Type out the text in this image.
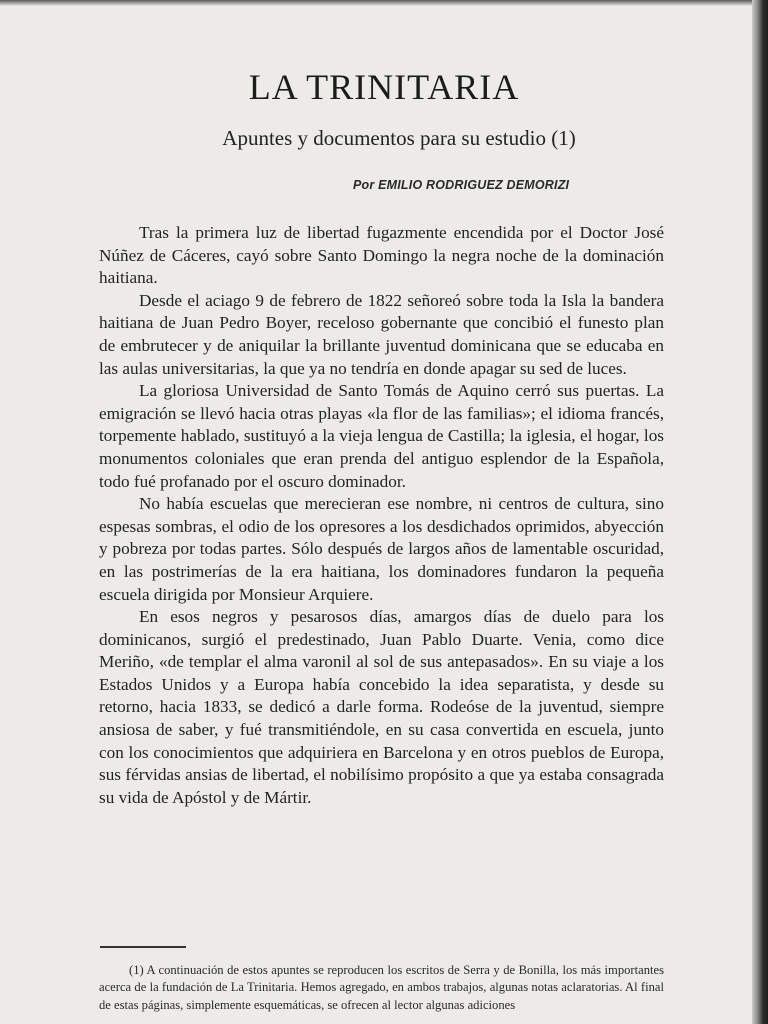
LA TRINITARIA
Apuntes y documentos para su estudio (1)
Por EMILIO RODRIGUEZ DEMORIZI

Tras la primera luz de libertad fugazmente encendida por el Doctor José Núñez de Cáceres, cayó sobre Santo Domingo la negra noche de la dominación haitiana.

Desde el aciago 9 de febrero de 1822 señoreó sobre toda la Isla la bandera haitiana de Juan Pedro Boyer, receloso gobernante que concibió el funesto plan de embrutecer y de aniquilar la brillante juventud dominicana que se educaba en las aulas universitarias, la que ya no tendría en donde apagar su sed de luces.

La gloriosa Universidad de Santo Tomás de Aquino cerró sus puertas. La emigración se llevó hacia otras playas «la flor de las familias»; el idioma francés, torpemente hablado, sustituyó a la vieja lengua de Castilla; la iglesia, el hogar, los monumentos coloniales que eran prenda del antiguo esplendor de la Española, todo fué profanado por el oscuro dominador.

No había escuelas que merecieran ese nombre, ni centros de cultura, sino espesas sombras, el odio de los opresores a los desdichados oprimidos, abyección y pobreza por todas partes. Sólo después de largos años de lamentable oscuridad, en las postrimerías de la era haitiana, los dominadores fundaron la pequeña escuela dirigida por Monsieur Arquiere.

En esos negros y pesarosos días, amargos días de duelo para los dominicanos, surgió el predestinado, Juan Pablo Duarte. Venia, como dice Meriño, «de templar el alma varonil al sol de sus antepasados». En su viaje a los Estados Unidos y a Europa había concebido la idea separatista, y desde su retorno, hacia 1833, se dedicó a darle forma. Rodeóse de la juventud, siempre ansiosa de saber, y fué transmitiéndole, en su casa convertida en escuela, junto con los conocimientos que adquiriera en Barcelona y en otros pueblos de Europa, sus férvidas ansias de libertad, el nobilísimo propósito a que ya estaba consagrada su vida de Apóstol y de Mártir.

(1) A continuación de estos apuntes se reproducen los escritos de Serra y de Bonilla, los más importantes acerca de la fundación de La Trinitaria. Hemos agregado, en ambos trabajos, algunas notas aclaratorias. Al final de estas páginas, simplemente esquemáticas, se ofrecen al lector algunas adiciones
